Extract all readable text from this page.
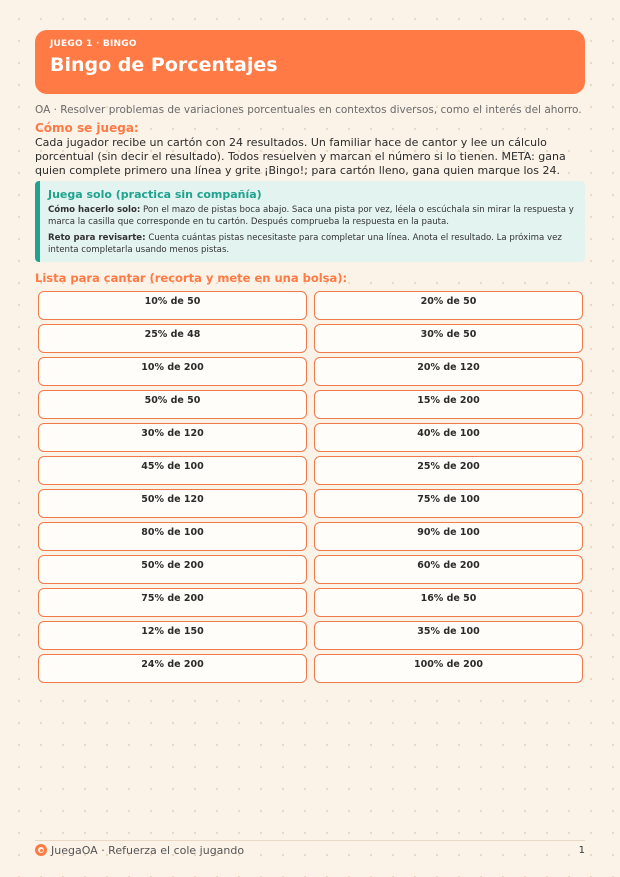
JUEGO 1 · BINGO
Bingo de Porcentajes
OA · Resolver problemas de variaciones porcentuales en contextos diversos, como el interés del ahorro.
Cómo se juega:
Cada jugador recibe un cartón con 24 resultados. Un familiar hace de cantor y lee un cálculo porcentual (sin decir el resultado). Todos resuelven y marcan el número si lo tienen. META: gana quien complete primero una línea y grite ¡Bingo!; para cartón lleno, gana quien marque los 24.
Juega solo (practica sin compañía)

Cómo hacerlo solo: Pon el mazo de pistas boca abajo. Saca una pista por vez, léela o escúchala sin mirar la respuesta y marca la casilla que corresponde en tu cartón. Después comprueba la respuesta en la pauta.

Reto para revisarte: Cuenta cuántas pistas necesitaste para completar una línea. Anota el resultado. La próxima vez intenta completarla usando menos pistas.

Lista para cantar (recorta y mete en una bolsa):
10% de 50	20% de 50
25% de 48	30% de 50
10% de 200	20% de 120
50% de 50	15% de 200
30% de 120	40% de 100
45% de 100	25% de 200
50% de 120	75% de 100
80% de 100	90% de 100
50% de 200	60% de 200
75% de 200	16% de 50
12% de 150	35% de 100
24% de 200	100% de 200
JuegaOA · Refuerza el cole jugando	1
